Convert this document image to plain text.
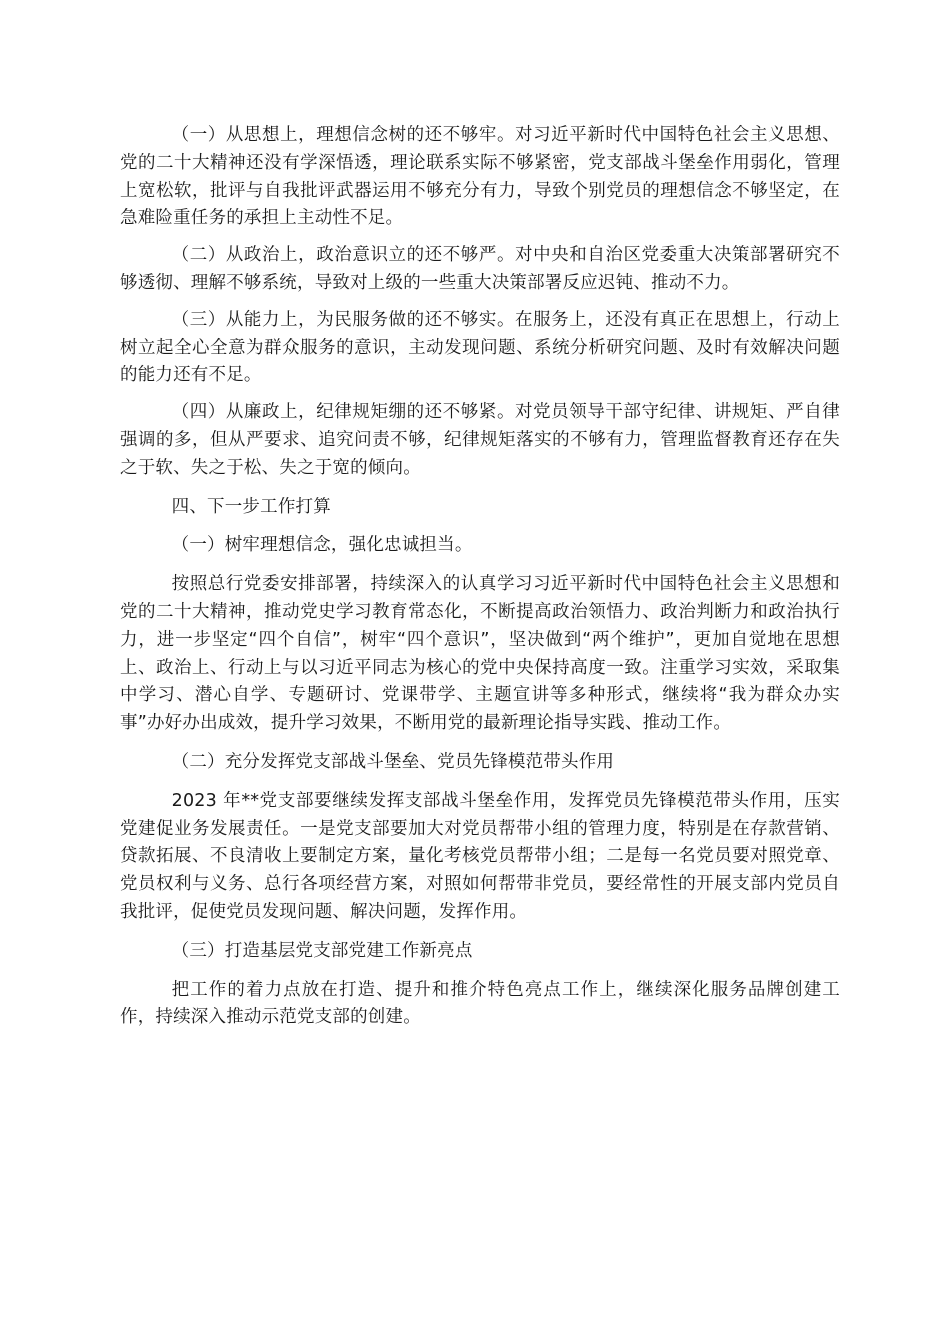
（一）从思想上，理想信念树的还不够牢。对习近平新时代中国特色社会主义思想、党的二十大精神还没有学深悟透，理论联系实际不够紧密，党支部战斗堡垒作用弱化，管理上宽松软，批评与自我批评武器运用不够充分有力，导致个别党员的理想信念不够坚定，在急难险重任务的承担上主动性不足。

（二）从政治上，政治意识立的还不够严。对中央和自治区党委重大决策部署研究不够透彻、理解不够系统，导致对上级的一些重大决策部署反应迟钝、推动不力。

（三）从能力上，为民服务做的还不够实。在服务上，还没有真正在思想上，行动上树立起全心全意为群众服务的意识，主动发现问题、系统分析研究问题、及时有效解决问题的能力还有不足。

（四）从廉政上，纪律规矩绷的还不够紧。对党员领导干部守纪律、讲规矩、严自律强调的多，但从严要求、追究问责不够，纪律规矩落实的不够有力，管理监督教育还存在失之于软、失之于松、失之于宽的倾向。

四、下一步工作打算

（一）树牢理想信念，强化忠诚担当。

按照总行党委安排部署，持续深入的认真学习习近平新时代中国特色社会主义思想和党的二十大精神，推动党史学习教育常态化，不断提高政治领悟力、政治判断力和政治执行力，进一步坚定“四个自信”，树牢“四个意识”，坚决做到“两个维护”，更加自觉地在思想上、政治上、行动上与以习近平同志为核心的党中央保持高度一致。注重学习实效，采取集中学习、潜心自学、专题研讨、党课带学、主题宣讲等多种形式，继续将“我为群众办实事”办好办出成效，提升学习效果，不断用党的最新理论指导实践、推动工作。

（二）充分发挥党支部战斗堡垒、党员先锋模范带头作用

2023 年**党支部要继续发挥支部战斗堡垒作用，发挥党员先锋模范带头作用，压实党建促业务发展责任。一是党支部要加大对党员帮带小组的管理力度，特别是在存款营销、贷款拓展、不良清收上要制定方案，量化考核党员帮带小组；二是每一名党员要对照党章、党员权利与义务、总行各项经营方案，对照如何帮带非党员，要经常性的开展支部内党员自我批评，促使党员发现问题、解决问题，发挥作用。

（三）打造基层党支部党建工作新亮点

把工作的着力点放在打造、提升和推介特色亮点工作上，继续深化服务品牌创建工作，持续深入推动示范党支部的创建。
